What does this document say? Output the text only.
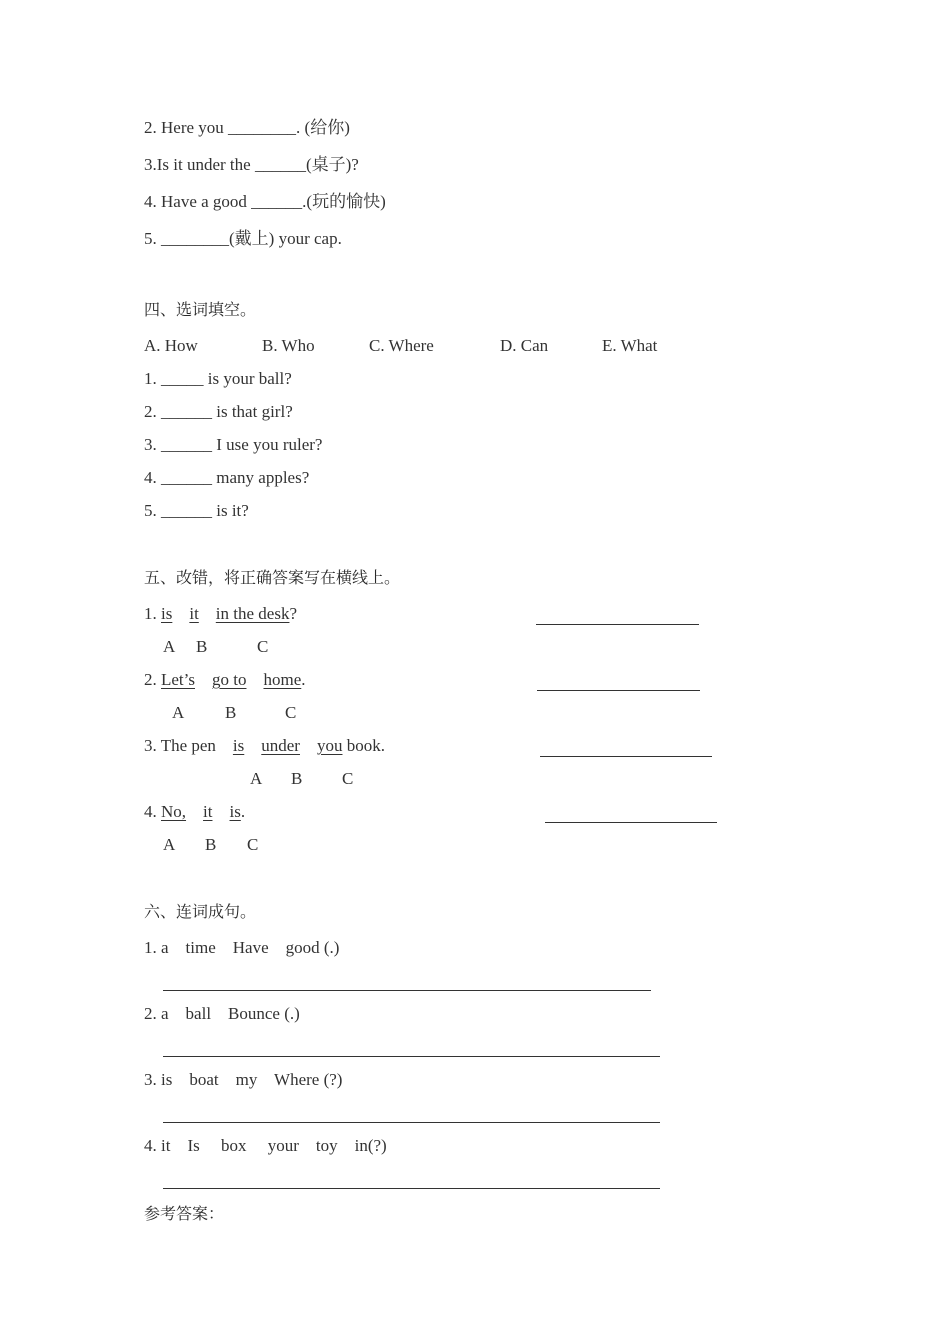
2. Here you ________. (给你)
3.Is it under the ______(桌子)?
4. Have a good ______.(玩的愉快)
5. ________(戴上) your cap.
四、选词填空。
A. How	B. Who	C. Where	D. Can	E. What
1. _____ is your ball?
2. ______ is that girl?
3. ______ I use you ruler?
4. ______ many apples?
5. ______ is it?
五、改错，将正确答案写在横线上。
1. is it in the desk?
A B	C
2. Let’s go to home.
A B	C
3. The pen is under you book.
A B C
4. No, it is.
A B C
六、连词成句。
1. a    time    Have    good (.)
2. a    ball    Bounce (.)
3. is    boat    my    Where (?)
4. it    Is     box     your    toy    in(?)
参考答案：
